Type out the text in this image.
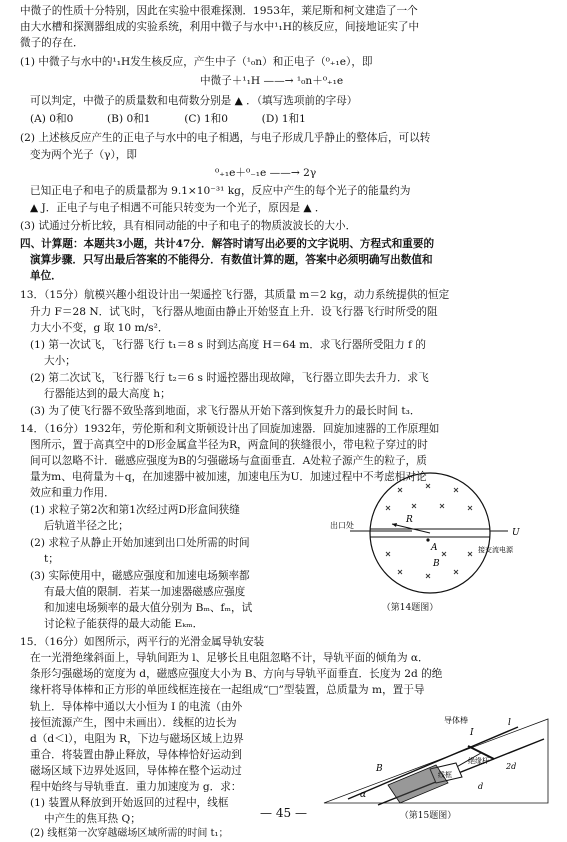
中微子的性质十分特别，因此在实验中很难探测．1953年，莱尼斯和柯文建造了一个
由大水槽和探测器组成的实验系统，利用中微子与水中¹₁H的核反应，间接地证实了中
微子的存在．
(1) 中微子与水中的¹₁H发生核反应，产生中子（¹₀n）和正电子（⁰₊₁e），即
中微子＋¹₁H ——→ ¹₀n＋⁰₊₁e
可以判定，中微子的质量数和电荷数分别是 ▲ ．（填写选项前的字母）
(A) 0和0          (B) 0和1          (C) 1和0          (D) 1和1
(2) 上述核反应产生的正电子与水中的电子相遇，与电子形成几乎静止的整体后，可以转
变为两个光子（γ），即
⁰₊₁e＋⁰₋₁e ——→ 2γ
已知正电子和电子的质量都为 9.1×10⁻³¹ kg，反应中产生的每个光子的能量约为
▲ J．正电子与电子相遇不可能只转变为一个光子，原因是 ▲ ．
(3) 试通过分析比较，具有相同动能的中子和电子的物质波波长的大小．
四、计算题：本题共3小题，共计47分．解答时请写出必要的文字说明、方程式和重要的
演算步骤．只写出最后答案的不能得分．有数值计算的题，答案中必须明确写出数值和
单位．
13．（15分）航模兴趣小组设计出一架遥控飞行器，其质量 m＝2 kg，动力系统提供的恒定
升力 F＝28 N．试飞时，飞行器从地面由静止开始竖直上升．设飞行器飞行时所受的阻
力大小不变，g 取 10 m/s²．
(1) 第一次试飞，飞行器飞行 t₁＝8 s 时到达高度 H＝64 m．求飞行器所受阻力 f 的
大小；
(2) 第二次试飞，飞行器飞行 t₂＝6 s 时遥控器出现故障，飞行器立即失去升力．求飞
行器能达到的最大高度 h；
(3) 为了使飞行器不致坠落到地面，求飞行器从开始下落到恢复升力的最长时间 t₃．
14．（16分）1932年，劳伦斯和利文斯顿设计出了回旋加速器．回旋加速器的工作原理如
图所示，置于高真空中的D形金属盒半径为R，两盒间的狭缝很小，带电粒子穿过的时
间可以忽略不计．磁感应强度为B的匀强磁场与盒面垂直．A处粒子源产生的粒子，质
量为m、电荷量为＋q，在加速器中被加速，加速电压为U．加速过程中不考虑相对论
效应和重力作用．
(1) 求粒子第2次和第1次经过两D形盒间狭缝
后轨道半径之比；
(2) 求粒子从静止开始加速到出口处所需的时间
t；
(3) 实际使用中，磁感应强度和加速电场频率都
有最大值的限制．若某一加速器磁感应强度
和加速电场频率的最大值分别为 Bₘ、fₘ，试
讨论粒子能获得的最大动能 Eₖₘ．
出口处
R
A
B
U
接交流电源
（第14题图）
15．（16分）如图所示，两平行的光滑金属导轨安装
在一光滑绝缘斜面上，导轨间距为 l、足够长且电阻忽略不计，导轨平面的倾角为 α．
条形匀强磁场的宽度为 d，磁感应强度大小为 B、方向与导轨平面垂直．长度为 2d 的绝
缘杆将导体棒和正方形的单匝线框连接在一起组成“□”型装置，总质量为 m，置于导
轨上．导体棒中通以大小恒为 I 的电流（由外
接恒流源产生，图中未画出）．线框的边长为
d（d＜l），电阻为 R，下边与磁场区域上边界
重合．将装置由静止释放，导体棒恰好运动到
磁场区域下边界处返回，导体棒在整个运动过
程中始终与导轨垂直．重力加速度为 g．求：
(1) 装置从释放到开始返回的过程中，线框
中产生的焦耳热 Q；
(2) 线框第一次穿越磁场区域所需的时间 t₁；
导体棒	l
I
绝缘杆
线框
2d
d
B
α
（第15题图）
— 45 —
